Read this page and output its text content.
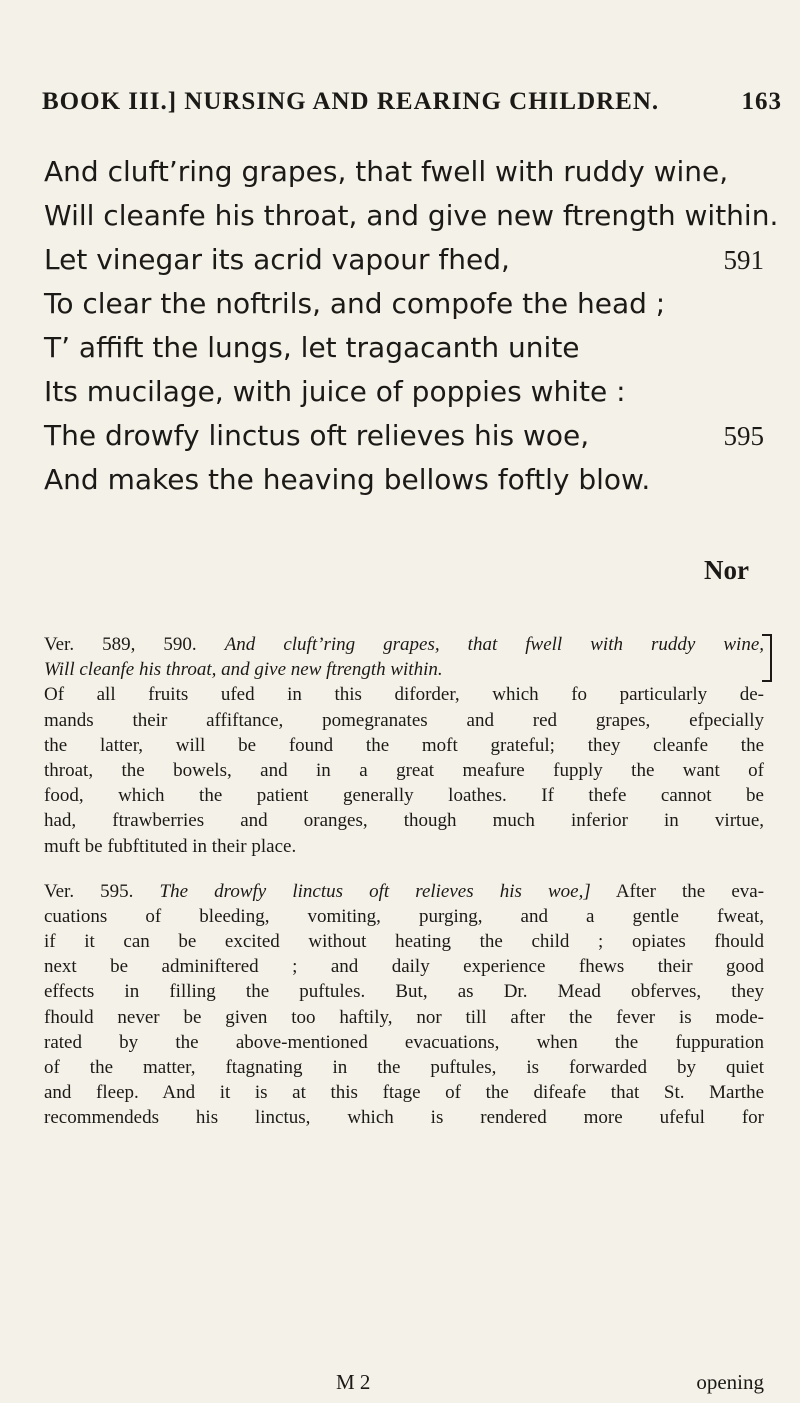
BOOK III.] NURSING AND REARING CHILDREN.	163
And cluft’ring grapes, that fwell with ruddy wine,
Will cleanfe his throat, and give new ftrength within.
Let vinegar its acrid vapour fhed,	591
To clear the noftrils, and compofe the head ;
T’ affift the lungs, let tragacanth unite
Its mucilage, with juice of poppies white :
The drowfy linctus oft relieves his woe,	595
And makes the heaving bellows foftly blow.
Nor
Ver. 589, 590. And cluft’ring grapes, that fwell with ruddy wine,
Will cleanfe his throat, and give new ftrength within.
Of all fruits ufed in this diforder, which fo particularly de-
mands their affiftance, pomegranates and red grapes, efpecially
the latter, will be found the moft grateful; they cleanfe the
throat, the bowels, and in a great meafure fupply the want of
food, which the patient generally loathes. If thefe cannot be
had, ftrawberries and oranges, though much inferior in virtue,
muft be fubftituted in their place.
Ver. 595. The drowfy linctus oft relieves his woe,] After the eva-
cuations of bleeding, vomiting, purging, and a gentle fweat,
if it can be excited without heating the child ; opiates fhould
next be adminiftered ; and daily experience fhews their good
effects in filling the puftules. But, as Dr. Mead obferves, they
fhould never be given too haftily, nor till after the fever is mode-
rated by the above-mentioned evacuations, when the fuppuration
of the matter, ftagnating in the puftules, is forwarded by quiet
and fleep. And it is at this ftage of the difeafe that St. Marthe
recommendeds his linctus, which is rendered more ufeful for
M 2	opening
